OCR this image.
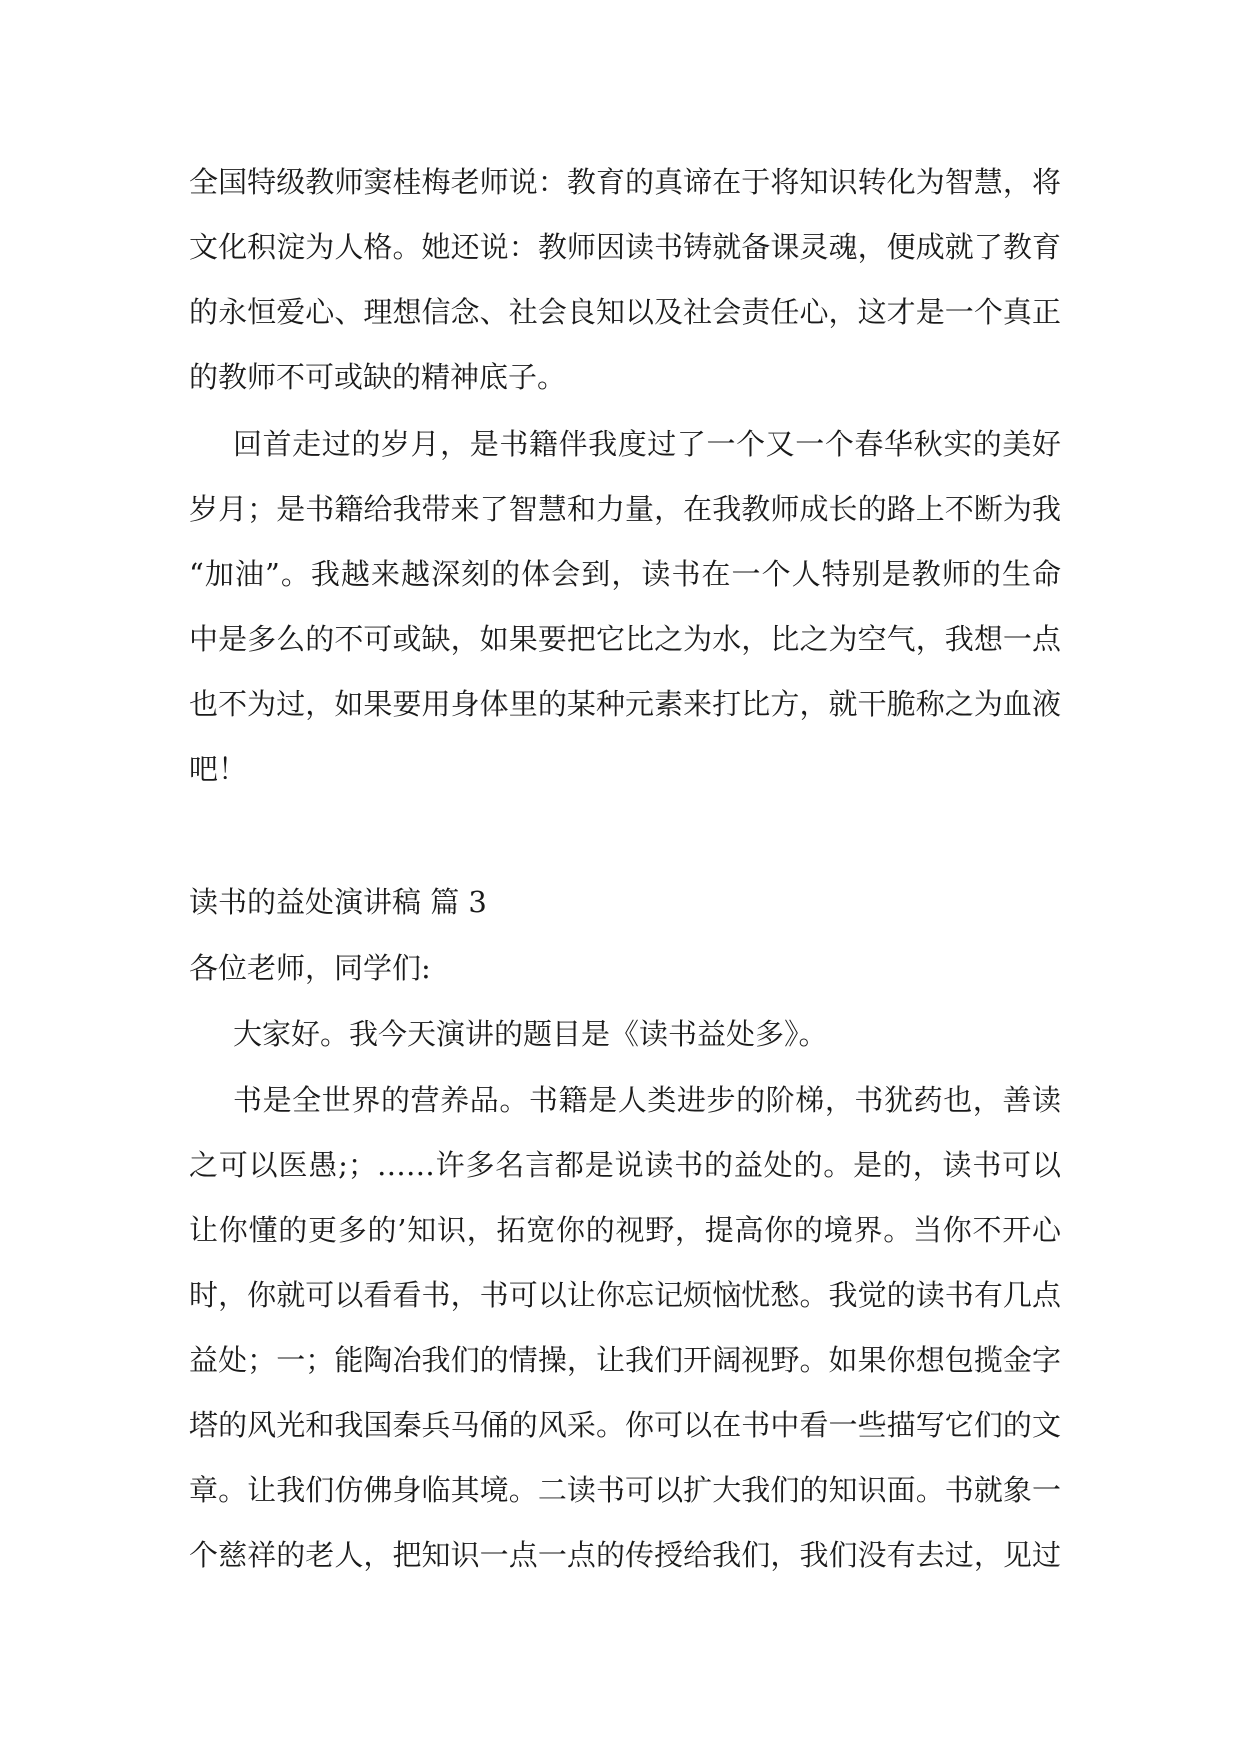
全国特级教师窦桂梅老师说：教育的真谛在于将知识转化为智慧，将
文化积淀为人格。她还说：教师因读书铸就备课灵魂，便成就了教育
的永恒爱心、理想信念、社会良知以及社会责任心，这才是一个真正
的教师不可或缺的精神底子。
回首走过的岁月，是书籍伴我度过了一个又一个春华秋实的美好
岁月；是书籍给我带来了智慧和力量，在我教师成长的路上不断为我
“加油”。我越来越深刻的体会到，读书在一个人特别是教师的生命
中是多么的不可或缺，如果要把它比之为水，比之为空气，我想一点
也不为过，如果要用身体里的某种元素来打比方，就干脆称之为血液
吧！
读书的益处演讲稿 篇 3
各位老师，同学们:
大家好。我今天演讲的题目是《读书益处多》。
书是全世界的营养品。书籍是人类进步的阶梯，书犹药也，善读
之可以医愚;；……许多名言都是说读书的益处的。是的，读书可以
让你懂的更多的’知识，拓宽你的视野，提高你的境界。当你不开心
时，你就可以看看书，书可以让你忘记烦恼忧愁。我觉的读书有几点
益处；一；能陶冶我们的情操，让我们开阔视野。如果你想包揽金字
塔的风光和我国秦兵马俑的风采。你可以在书中看一些描写它们的文
章。让我们仿佛身临其境。二读书可以扩大我们的知识面。书就象一
个慈祥的老人，把知识一点一点的传授给我们，我们没有去过，见过
